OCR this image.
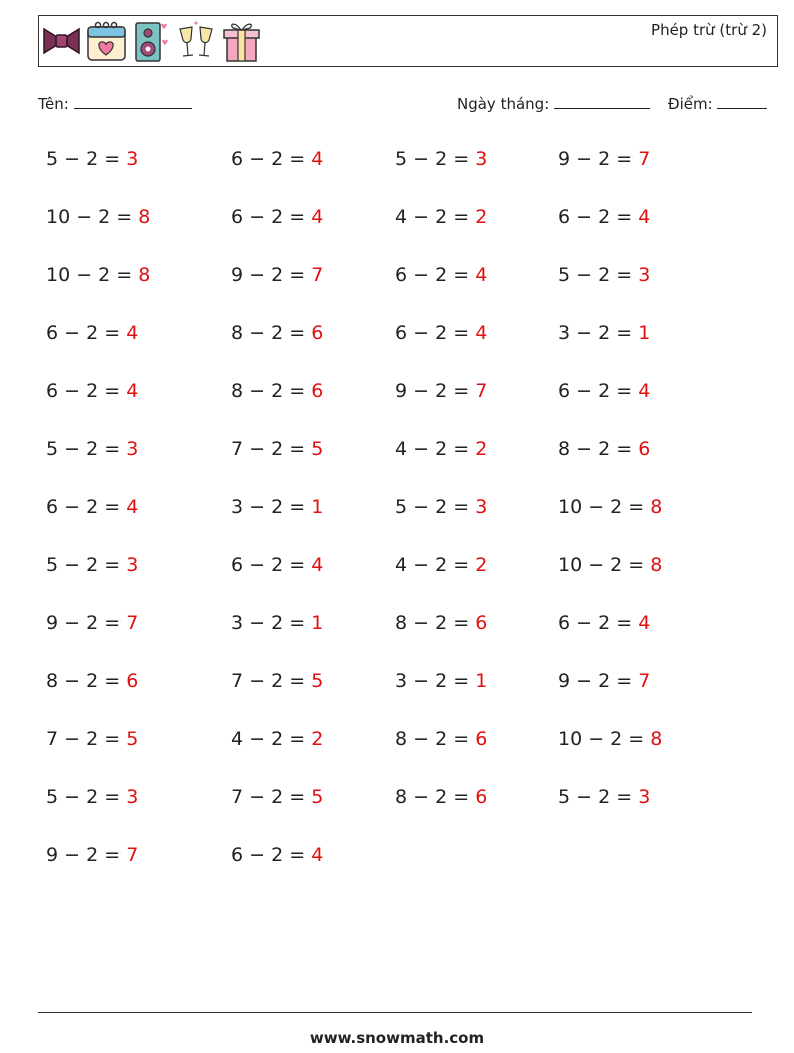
Phép trừ (trừ 2)
Tên:	Ngày tháng:	Điểm:
5 − 2 = 3	6 − 2 = 4	5 − 2 = 3	9 − 2 = 7
10 − 2 = 8	6 − 2 = 4	4 − 2 = 2	6 − 2 = 4
10 − 2 = 8	9 − 2 = 7	6 − 2 = 4	5 − 2 = 3
6 − 2 = 4	8 − 2 = 6	6 − 2 = 4	3 − 2 = 1
6 − 2 = 4	8 − 2 = 6	9 − 2 = 7	6 − 2 = 4
5 − 2 = 3	7 − 2 = 5	4 − 2 = 2	8 − 2 = 6
6 − 2 = 4	3 − 2 = 1	5 − 2 = 3	10 − 2 = 8
5 − 2 = 3	6 − 2 = 4	4 − 2 = 2	10 − 2 = 8
9 − 2 = 7	3 − 2 = 1	8 − 2 = 6	6 − 2 = 4
8 − 2 = 6	7 − 2 = 5	3 − 2 = 1	9 − 2 = 7
7 − 2 = 5	4 − 2 = 2	8 − 2 = 6	10 − 2 = 8
5 − 2 = 3	7 − 2 = 5	8 − 2 = 6	5 − 2 = 3
9 − 2 = 7	6 − 2 = 4
www.snowmath.com
